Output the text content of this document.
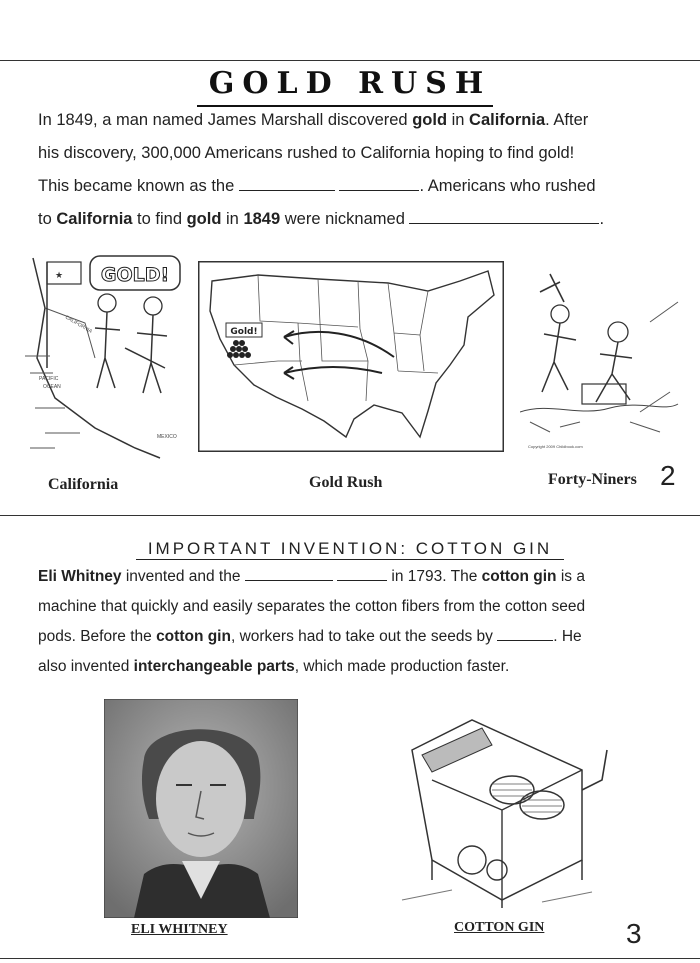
GOLD RUSH
In 1849, a man named James Marshall discovered gold in California. After
his discovery, 300,000 Americans rushed to California hoping to find gold!
This became known as the	. Americans who rushed
to California to find gold in 1849 were nicknamed	.
★ GOLD!
CALIFORNIA
PACIFIC
OCEAN
MEXICO
Gold!
Copyright 2009 Childbook.com
California	Gold Rush	Forty-Niners 2
IMPORTANT INVENTION: COTTON GIN
Eli Whitney invented and the	in 1793. The cotton gin is a
machine that quickly and easily separates the cotton fibers from the cotton seed
pods. Before the cotton gin, workers had to take out the seeds by	. He
also invented interchangeable parts, which made production faster.
ELI WHITNEY	COTTON GIN	3
